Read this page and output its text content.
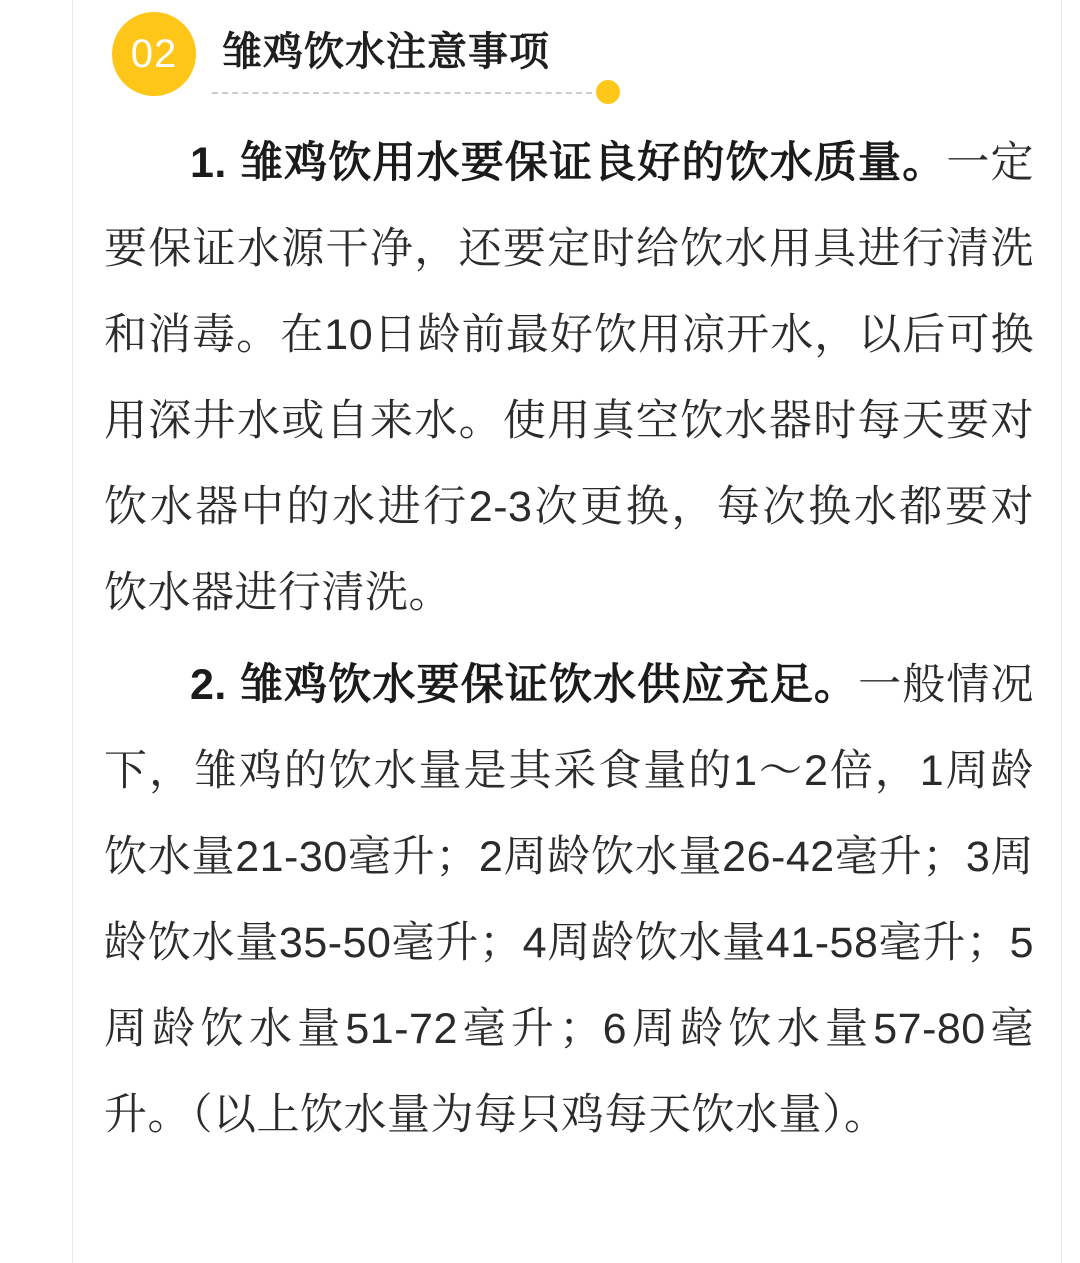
02	雏鸡饮水注意事项

1. 雏鸡饮用水要保证良好的饮水质量。一定要保证水源干净，还要定时给饮水用具进行清洗和消毒。在10日龄前最好饮用凉开水，以后可换用深井水或自来水。使用真空饮水器时每天要对饮水器中的水进行2-3次更换，每次换水都要对饮水器进行清洗。

2. 雏鸡饮水要保证饮水供应充足。一般情况下，雏鸡的饮水量是其采食量的1～2倍，1周龄饮水量21-30毫升；2周龄饮水量26-42毫升；3周龄饮水量35-50毫升；4周龄饮水量41-58毫升；5周龄饮水量51-72毫升；6周龄饮水量57-80毫升。（以上饮水量为每只鸡每天饮水量）。
